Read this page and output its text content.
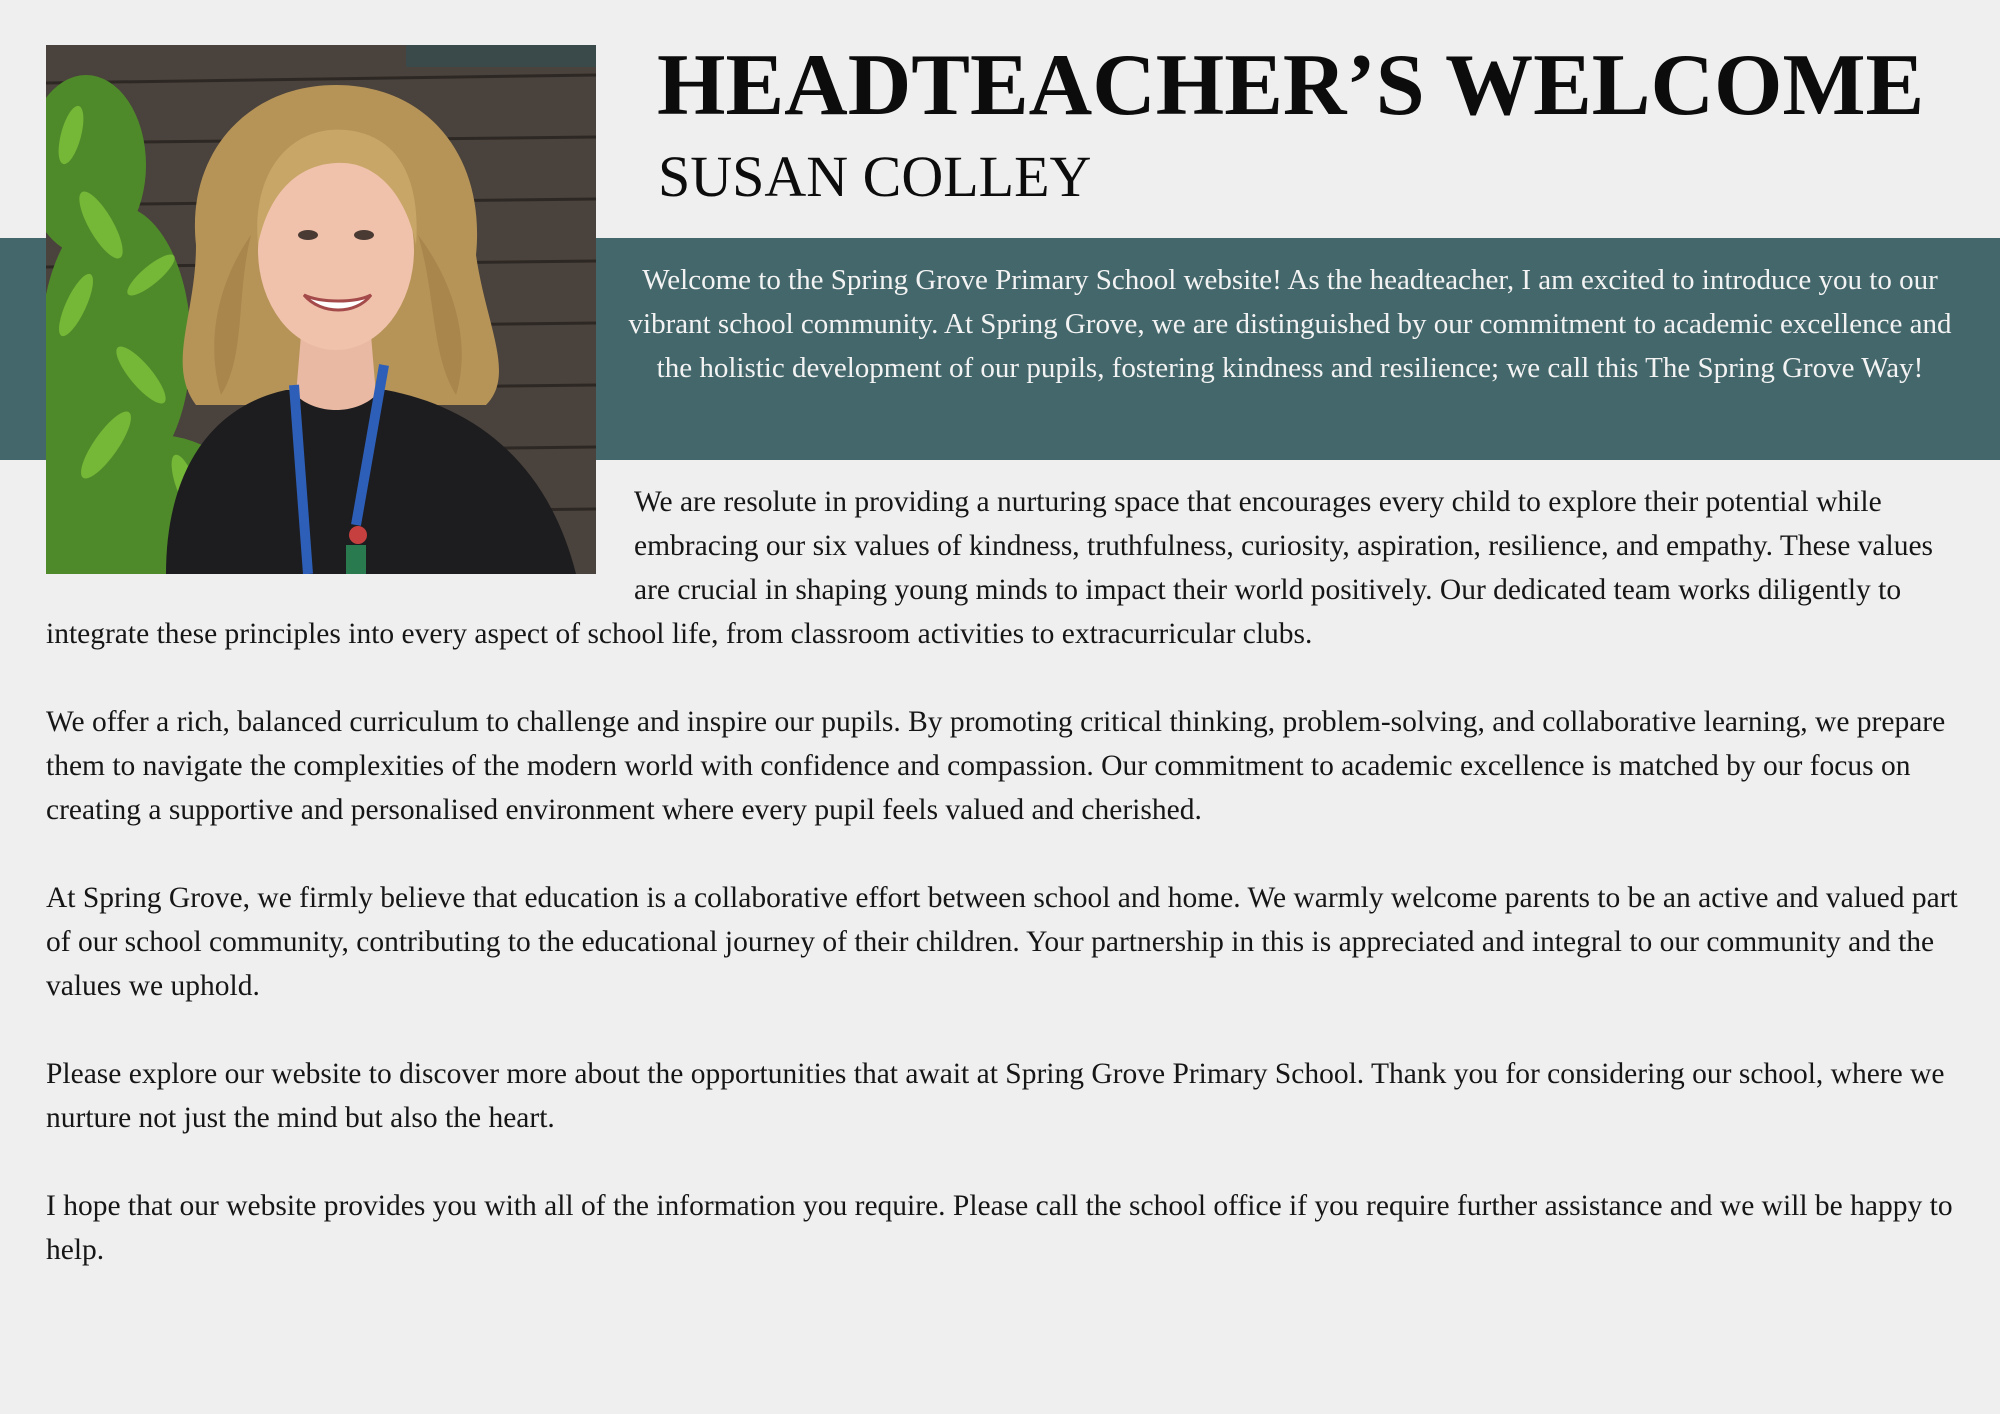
HEADTEACHER’S WELCOME
SUSAN COLLEY

Welcome to the Spring Grove Primary School website! As the headteacher, I am excited to introduce you to our vibrant school community. At Spring Grove, we are distinguished by our commitment to academic excellence and the holistic development of our pupils, fostering kindness and resilience; we call this The Spring Grove Way!

We are resolute in providing a nurturing space that encourages every child to explore their potential while embracing our six values of kindness, truthfulness, curiosity, aspiration, resilience, and empathy. These values are crucial in shaping young minds to impact their world positively. Our dedicated team works diligently to integrate these principles into every aspect of school life, from classroom activities to extracurricular clubs.

We offer a rich, balanced curriculum to challenge and inspire our pupils. By promoting critical thinking, problem-solving, and collaborative learning, we prepare them to navigate the complexities of the modern world with confidence and compassion. Our commitment to academic excellence is matched by our focus on creating a supportive and personalised environment where every pupil feels valued and cherished.

At Spring Grove, we firmly believe that education is a collaborative effort between school and home. We warmly welcome parents to be an active and valued part of our school community, contributing to the educational journey of their children. Your partnership in this is appreciated and integral to our community and the values we uphold.

Please explore our website to discover more about the opportunities that await at Spring Grove Primary School. Thank you for considering our school, where we nurture not just the mind but also the heart.

I hope that our website provides you with all of the information you require. Please call the school office if you require further assistance and we will be happy to help.
